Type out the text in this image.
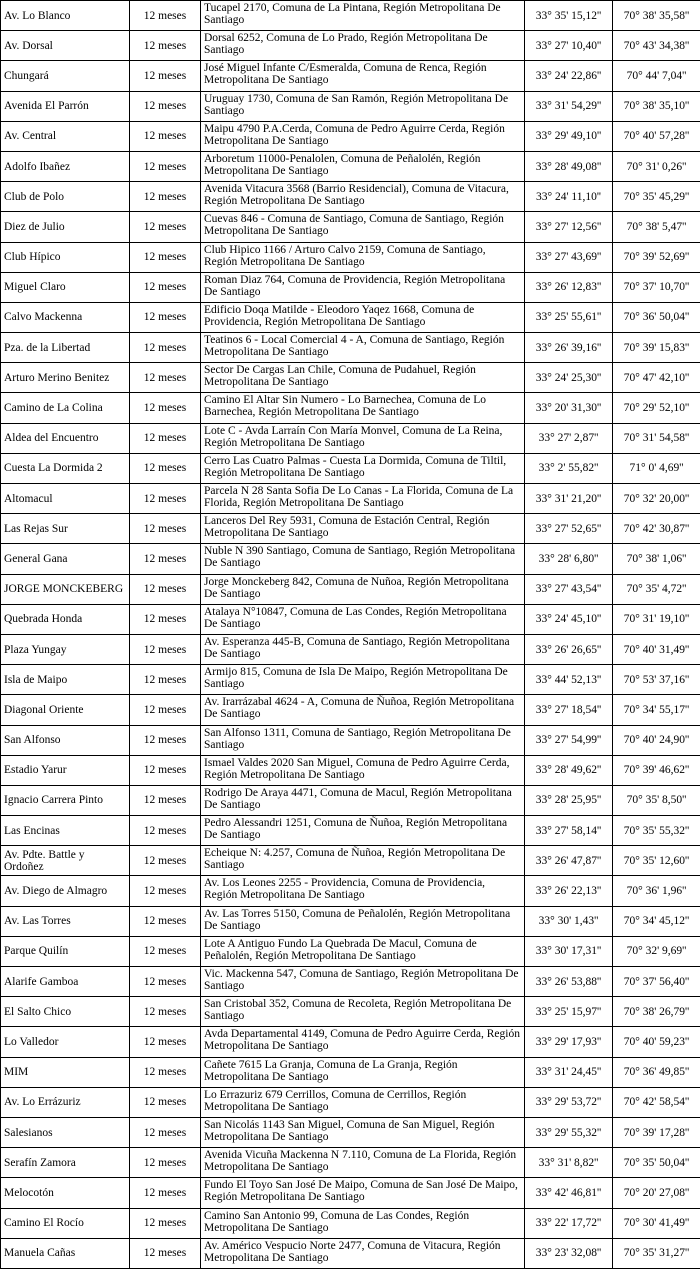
Av. Lo Blanco	12 meses	Tucapel 2170, Comuna de La Pintana, Región Metropolitana De Santiago	33° 35' 15,12''	70° 38' 35,58''
Av. Dorsal	12 meses	Dorsal 6252, Comuna de Lo Prado, Región Metropolitana De Santiago	33° 27' 10,40''	70° 43' 34,38''
Chungará	12 meses	José Miguel Infante C/Esmeralda, Comuna de Renca, Región Metropolitana De Santiago	33° 24' 22,86''	70° 44' 7,04''
Avenida El Parrón	12 meses	Uruguay 1730, Comuna de San Ramón, Región Metropolitana De Santiago	33° 31' 54,29''	70° 38' 35,10''
Av. Central	12 meses	Maipu 4790 P.A.Cerda, Comuna de Pedro Aguirre Cerda, Región Metropolitana De Santiago	33° 29' 49,10''	70° 40' 57,28''
Adolfo Ibañez	12 meses	Arboretum 11000-Penalolen, Comuna de Peñalolén, Región Metropolitana De Santiago	33° 28' 49,08''	70° 31' 0,26''
Club de Polo	12 meses	Avenida Vitacura 3568 (Barrio Residencial), Comuna de Vitacura, Región Metropolitana De Santiago	33° 24' 11,10''	70° 35' 45,29''
Diez de Julio	12 meses	Cuevas 846 - Comuna de Santiago, Comuna de Santiago, Región Metropolitana De Santiago	33° 27' 12,56''	70° 38' 5,47''
Club Hípico	12 meses	Club Hipico 1166 / Arturo Calvo 2159, Comuna de Santiago, Región Metropolitana De Santiago	33° 27' 43,69''	70° 39' 52,69''
Miguel Claro	12 meses	Roman Diaz 764, Comuna de Providencia, Región Metropolitana De Santiago	33° 26' 12,83''	70° 37' 10,70''
Calvo Mackenna	12 meses	Edificio Doqa Matilde - Eleodoro Yaqez 1668, Comuna de Providencia, Región Metropolitana De Santiago	33° 25' 55,61''	70° 36' 50,04''
Pza. de la Libertad	12 meses	Teatinos 6 - Local Comercial 4 - A, Comuna de Santiago, Región Metropolitana De Santiago	33° 26' 39,16''	70° 39' 15,83''
Arturo Merino Benitez	12 meses	Sector De Cargas Lan Chile, Comuna de Pudahuel, Región Metropolitana De Santiago	33° 24' 25,30''	70° 47' 42,10''
Camino de La Colina	12 meses	Camino El Altar Sin Numero - Lo Barnechea, Comuna de Lo Barnechea, Región Metropolitana De Santiago	33° 20' 31,30''	70° 29' 52,10''
Aldea del Encuentro	12 meses	Lote C - Avda Larraín Con María Monvel, Comuna de La Reina, Región Metropolitana De Santiago	33° 27' 2,87''	70° 31' 54,58''
Cuesta La Dormida 2	12 meses	Cerro Las Cuatro Palmas - Cuesta La Dormida, Comuna de Tiltil, Región Metropolitana De Santiago	33° 2' 55,82''	71° 0' 4,69''
Altomacul	12 meses	Parcela N 28 Santa Sofia De Lo Canas - La Florida, Comuna de La Florida, Región Metropolitana De Santiago	33° 31' 21,20''	70° 32' 20,00''
Las Rejas Sur	12 meses	Lanceros Del Rey 5931, Comuna de Estación Central, Región Metropolitana De Santiago	33° 27' 52,65''	70° 42' 30,87''
General Gana	12 meses	Nuble N 390 Santiago, Comuna de Santiago, Región Metropolitana De Santiago	33° 28' 6,80''	70° 38' 1,06''
JORGE MONCKEBERG	12 meses	Jorge Monckeberg 842, Comuna de Nuñoa, Región Metropolitana De Santiago	33° 27' 43,54''	70° 35' 4,72''
Quebrada Honda	12 meses	Atalaya N°10847, Comuna de Las Condes, Región Metropolitana De Santiago	33° 24' 45,10''	70° 31' 19,10''
Plaza Yungay	12 meses	Av. Esperanza 445-B, Comuna de Santiago, Región Metropolitana De Santiago	33° 26' 26,65''	70° 40' 31,49''
Isla de Maipo	12 meses	Armijo 815, Comuna de Isla De Maipo, Región Metropolitana De Santiago	33° 44' 52,13''	70° 53' 37,16''
Diagonal Oriente	12 meses	Av. Irarrázabal 4624 - A, Comuna de Ñuñoa, Región Metropolitana De Santiago	33° 27' 18,54''	70° 34' 55,17''
San Alfonso	12 meses	San Alfonso 1311, Comuna de Santiago, Región Metropolitana De Santiago	33° 27' 54,99''	70° 40' 24,90''
Estadio Yarur	12 meses	Ismael Valdes 2020 San Miguel, Comuna de Pedro Aguirre Cerda, Región Metropolitana De Santiago	33° 28' 49,62''	70° 39' 46,62''
Ignacio Carrera Pinto	12 meses	Rodrigo De Araya 4471, Comuna de Macul, Región Metropolitana De Santiago	33° 28' 25,95''	70° 35' 8,50''
Las Encinas	12 meses	Pedro Alessandri 1251, Comuna de Ñuñoa, Región Metropolitana De Santiago	33° 27' 58,14''	70° 35' 55,32''
Av. Pdte. Battle y Ordoñez	12 meses	Echeique N: 4.257, Comuna de Ñuñoa, Región Metropolitana De Santiago	33° 26' 47,87''	70° 35' 12,60''
Av. Diego de Almagro	12 meses	Av. Los Leones 2255 - Providencia, Comuna de Providencia, Región Metropolitana De Santiago	33° 26' 22,13''	70° 36' 1,96''
Av. Las Torres	12 meses	Av. Las Torres 5150, Comuna de Peñalolén, Región Metropolitana De Santiago	33° 30' 1,43''	70° 34' 45,12''
Parque Quilín	12 meses	Lote A Antiguo Fundo La Quebrada De Macul, Comuna de Peñalolén, Región Metropolitana De Santiago	33° 30' 17,31''	70° 32' 9,69''
Alarife Gamboa	12 meses	Vic. Mackenna 547, Comuna de Santiago, Región Metropolitana De Santiago	33° 26' 53,88''	70° 37' 56,40''
El Salto Chico	12 meses	San Cristobal 352, Comuna de Recoleta, Región Metropolitana De Santiago	33° 25' 15,97''	70° 38' 26,79''
Lo Valledor	12 meses	Avda Departamental 4149, Comuna de Pedro Aguirre Cerda, Región Metropolitana De Santiago	33° 29' 17,93''	70° 40' 59,23''
MIM	12 meses	Cañete 7615 La Granja, Comuna de La Granja, Región Metropolitana De Santiago	33° 31' 24,45''	70° 36' 49,85''
Av. Lo Errázuriz	12 meses	Lo Errazuriz 679 Cerrillos, Comuna de Cerrillos, Región Metropolitana De Santiago	33° 29' 53,72''	70° 42' 58,54''
Salesianos	12 meses	San Nicolás 1143 San Miguel, Comuna de San Miguel, Región Metropolitana De Santiago	33° 29' 55,32''	70° 39' 17,28''
Serafín Zamora	12 meses	Avenida Vicuña Mackenna N 7.110, Comuna de La Florida, Región Metropolitana De Santiago	33° 31' 8,82''	70° 35' 50,04''
Melocotón	12 meses	Fundo El Toyo San José De Maipo, Comuna de San José De Maipo, Región Metropolitana De Santiago	33° 42' 46,81''	70° 20' 27,08''
Camino El Rocío	12 meses	Camino San Antonio 99, Comuna de Las Condes, Región Metropolitana De Santiago	33° 22' 17,72''	70° 30' 41,49''
Manuela Cañas	12 meses	Av. Américo Vespucio Norte 2477, Comuna de Vitacura, Región Metropolitana De Santiago	33° 23' 32,08''	70° 35' 31,27''
